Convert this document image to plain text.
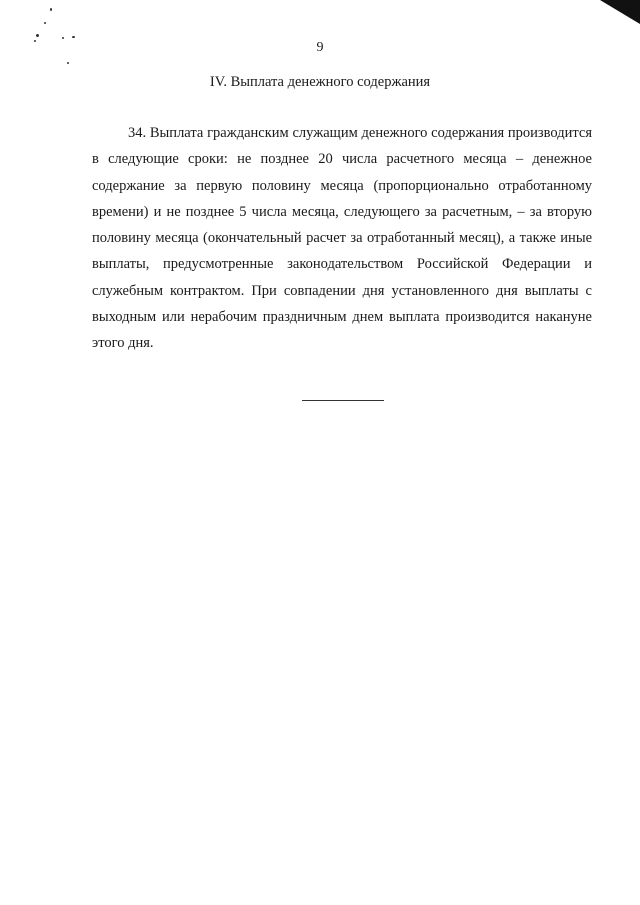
9
IV. Выплата денежного содержания

34. Выплата гражданским служащим денежного содержания производится в следующие сроки: не позднее 20 числа расчетного месяца – денежное содержание за первую половину месяца (пропорционально отработанному времени) и не позднее 5 числа месяца, следующего за расчетным, – за вторую половину месяца (окончательный расчет за отработанный месяц), а также иные выплаты, предусмотренные законодательством Российской Федерации и служебным контрактом. При совпадении дня установленного дня выплаты с выходным или нерабочим праздничным днем выплата производится накануне этого дня.
